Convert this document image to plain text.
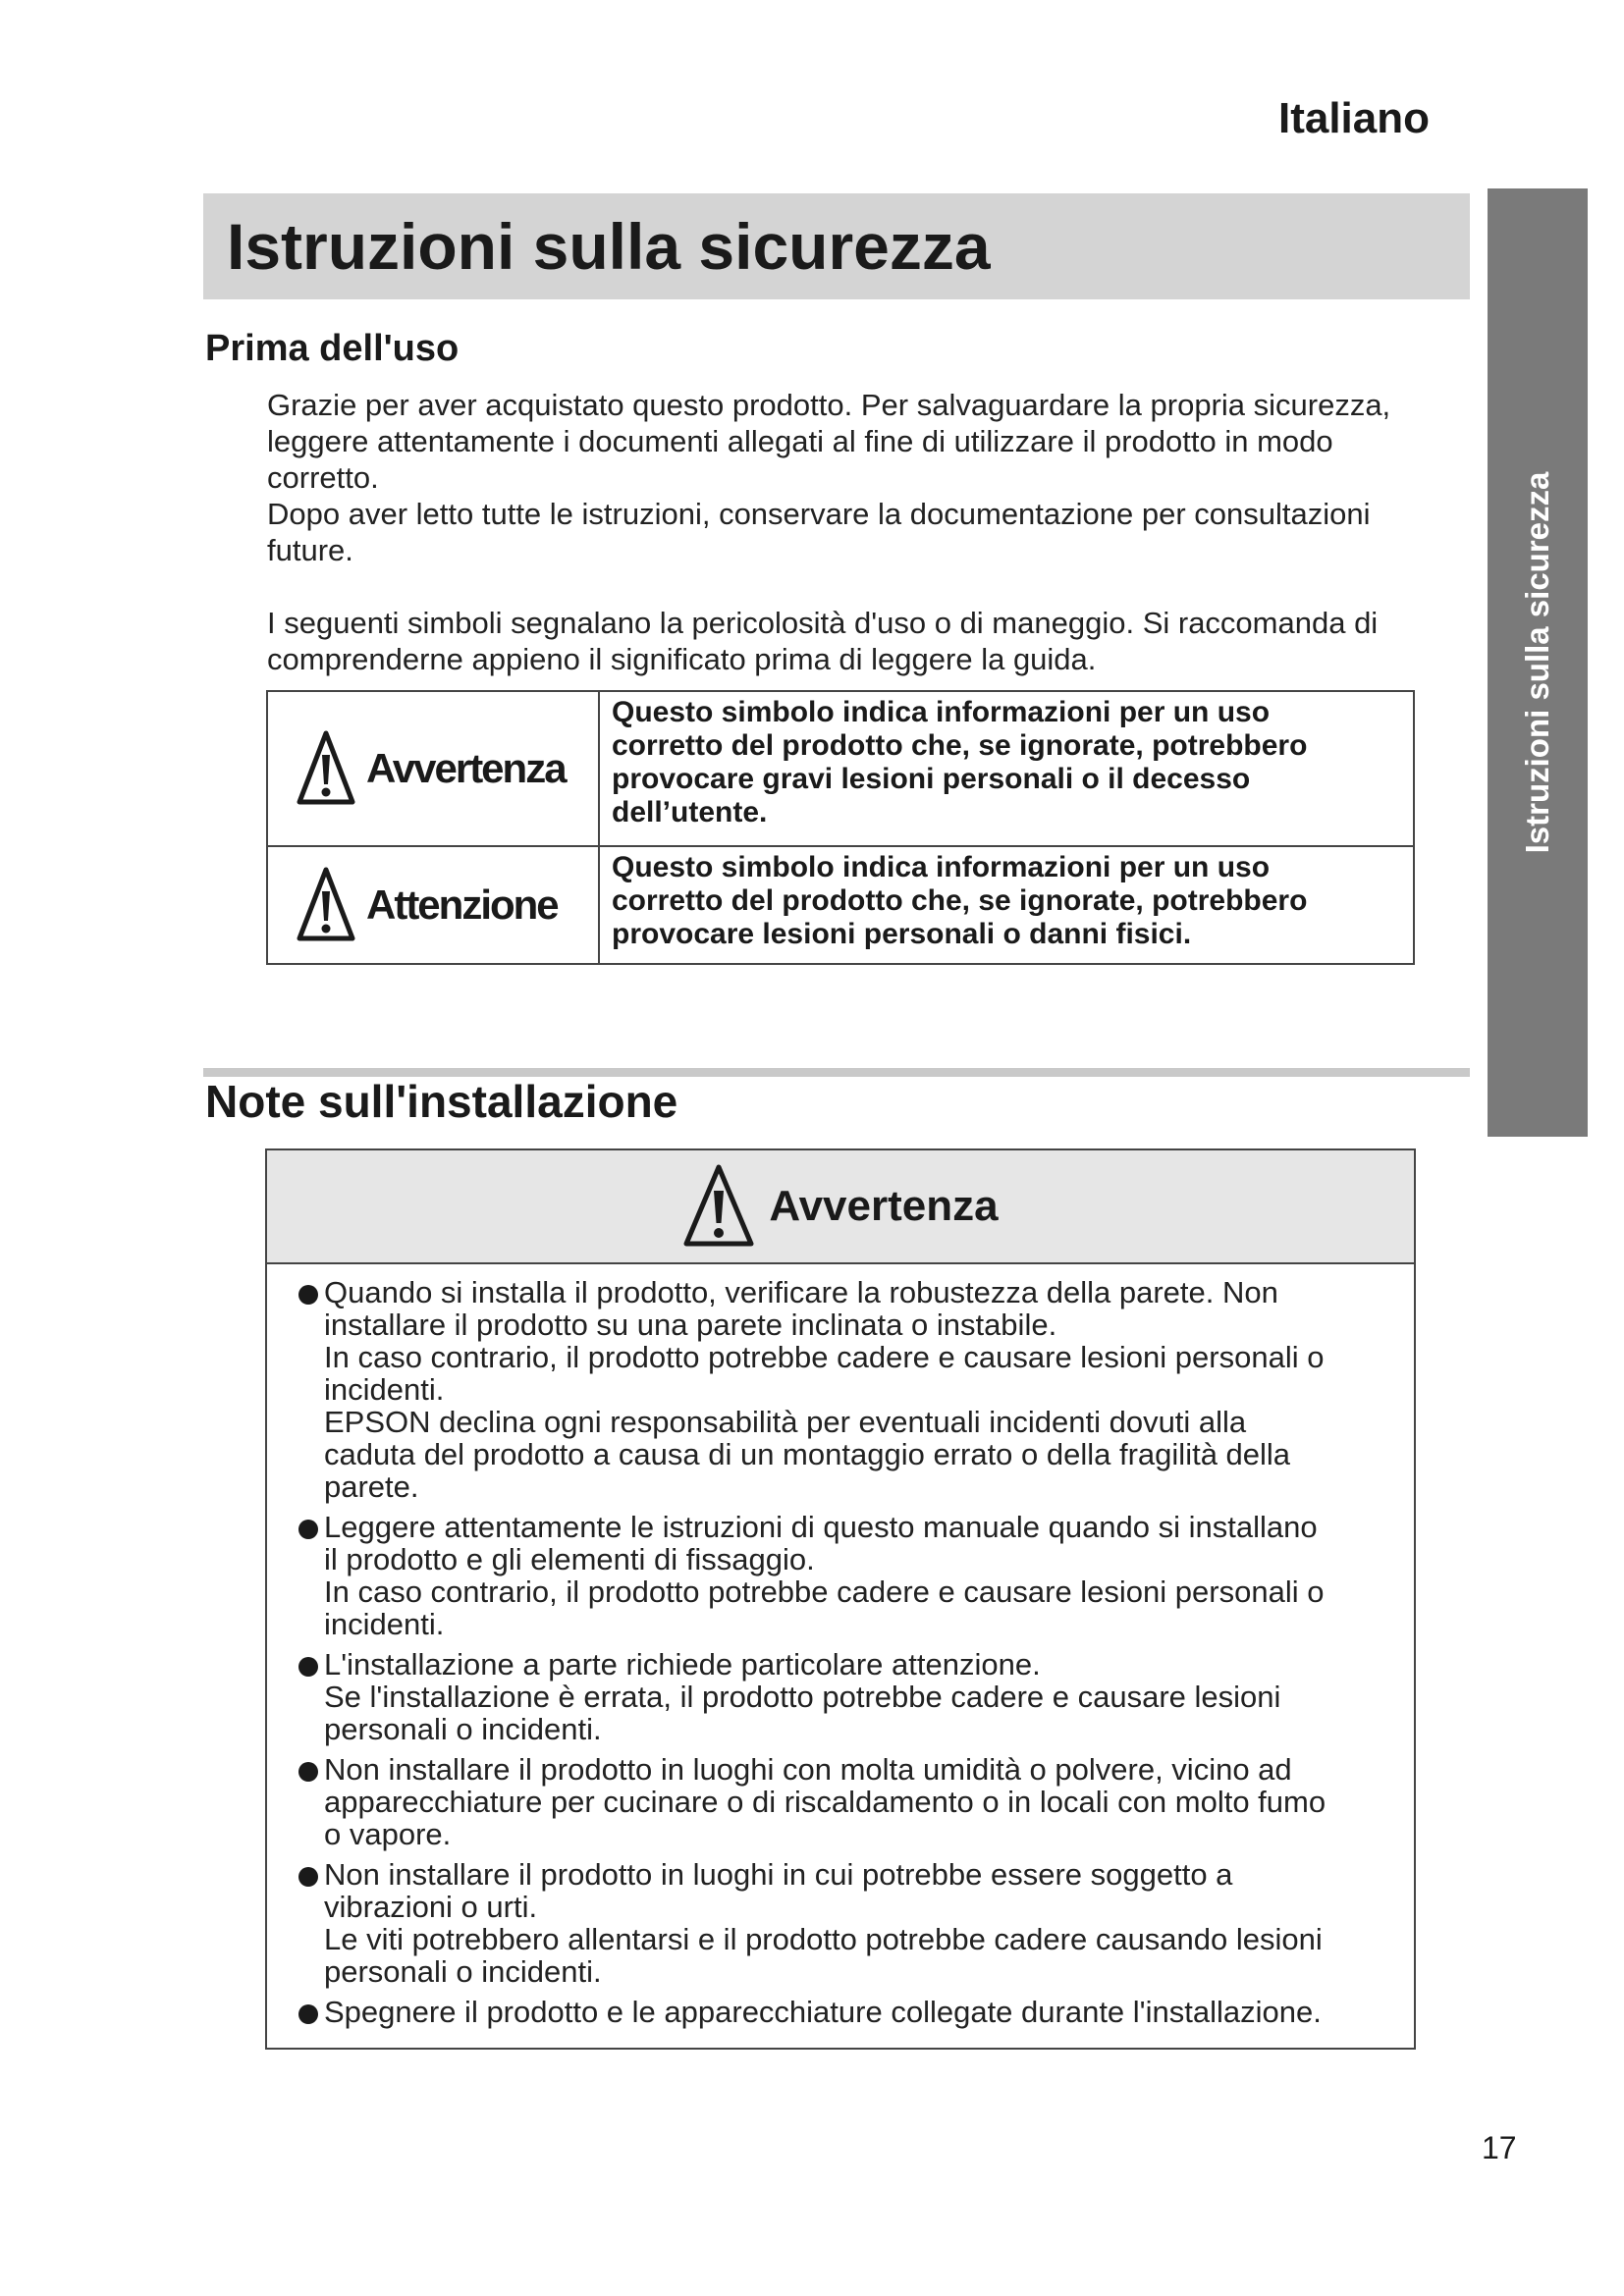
Italiano
Istruzioni sulla sicurezza
Istruzioni sulla sicurezza
Prima dell'uso

Grazie per aver acquistato questo prodotto. Per salvaguardare la propria sicurezza,
leggere attentamente i documenti allegati al fine di utilizzare il prodotto in modo
corretto.
Dopo aver letto tutte le istruzioni, conservare la documentazione per consultazioni
future.

I seguenti simboli segnalano la pericolosità d'uso o di maneggio. Si raccomanda di
comprenderne appieno il significato prima di leggere la guida.

Avvertenza	Questo simbolo indica informazioni per un uso
corretto del prodotto che, se ignorate, potrebbero
provocare gravi lesioni personali o il decesso
dell’utente.

Attenzione	Questo simbolo indica informazioni per un uso
corretto del prodotto che, se ignorate, potrebbero
provocare lesioni personali o danni fisici.
Note sull'installazione
Avvertenza
Quando si installa il prodotto, verificare la robustezza della parete. Non
installare il prodotto su una parete inclinata o instabile.
In caso contrario, il prodotto potrebbe cadere e causare lesioni personali o
incidenti.
EPSON declina ogni responsabilità per eventuali incidenti dovuti alla
caduta del prodotto a causa di un montaggio errato o della fragilità della
parete.
Leggere attentamente le istruzioni di questo manuale quando si installano
il prodotto e gli elementi di fissaggio.
In caso contrario, il prodotto potrebbe cadere e causare lesioni personali o
incidenti.
L'installazione a parte richiede particolare attenzione.
Se l'installazione è errata, il prodotto potrebbe cadere e causare lesioni
personali o incidenti.
Non installare il prodotto in luoghi con molta umidità o polvere, vicino ad
apparecchiature per cucinare o di riscaldamento o in locali con molto fumo
o vapore.
Non installare il prodotto in luoghi in cui potrebbe essere soggetto a
vibrazioni o urti.
Le viti potrebbero allentarsi e il prodotto potrebbe cadere causando lesioni
personali o incidenti.
Spegnere il prodotto e le apparecchiature collegate durante l'installazione.
17
